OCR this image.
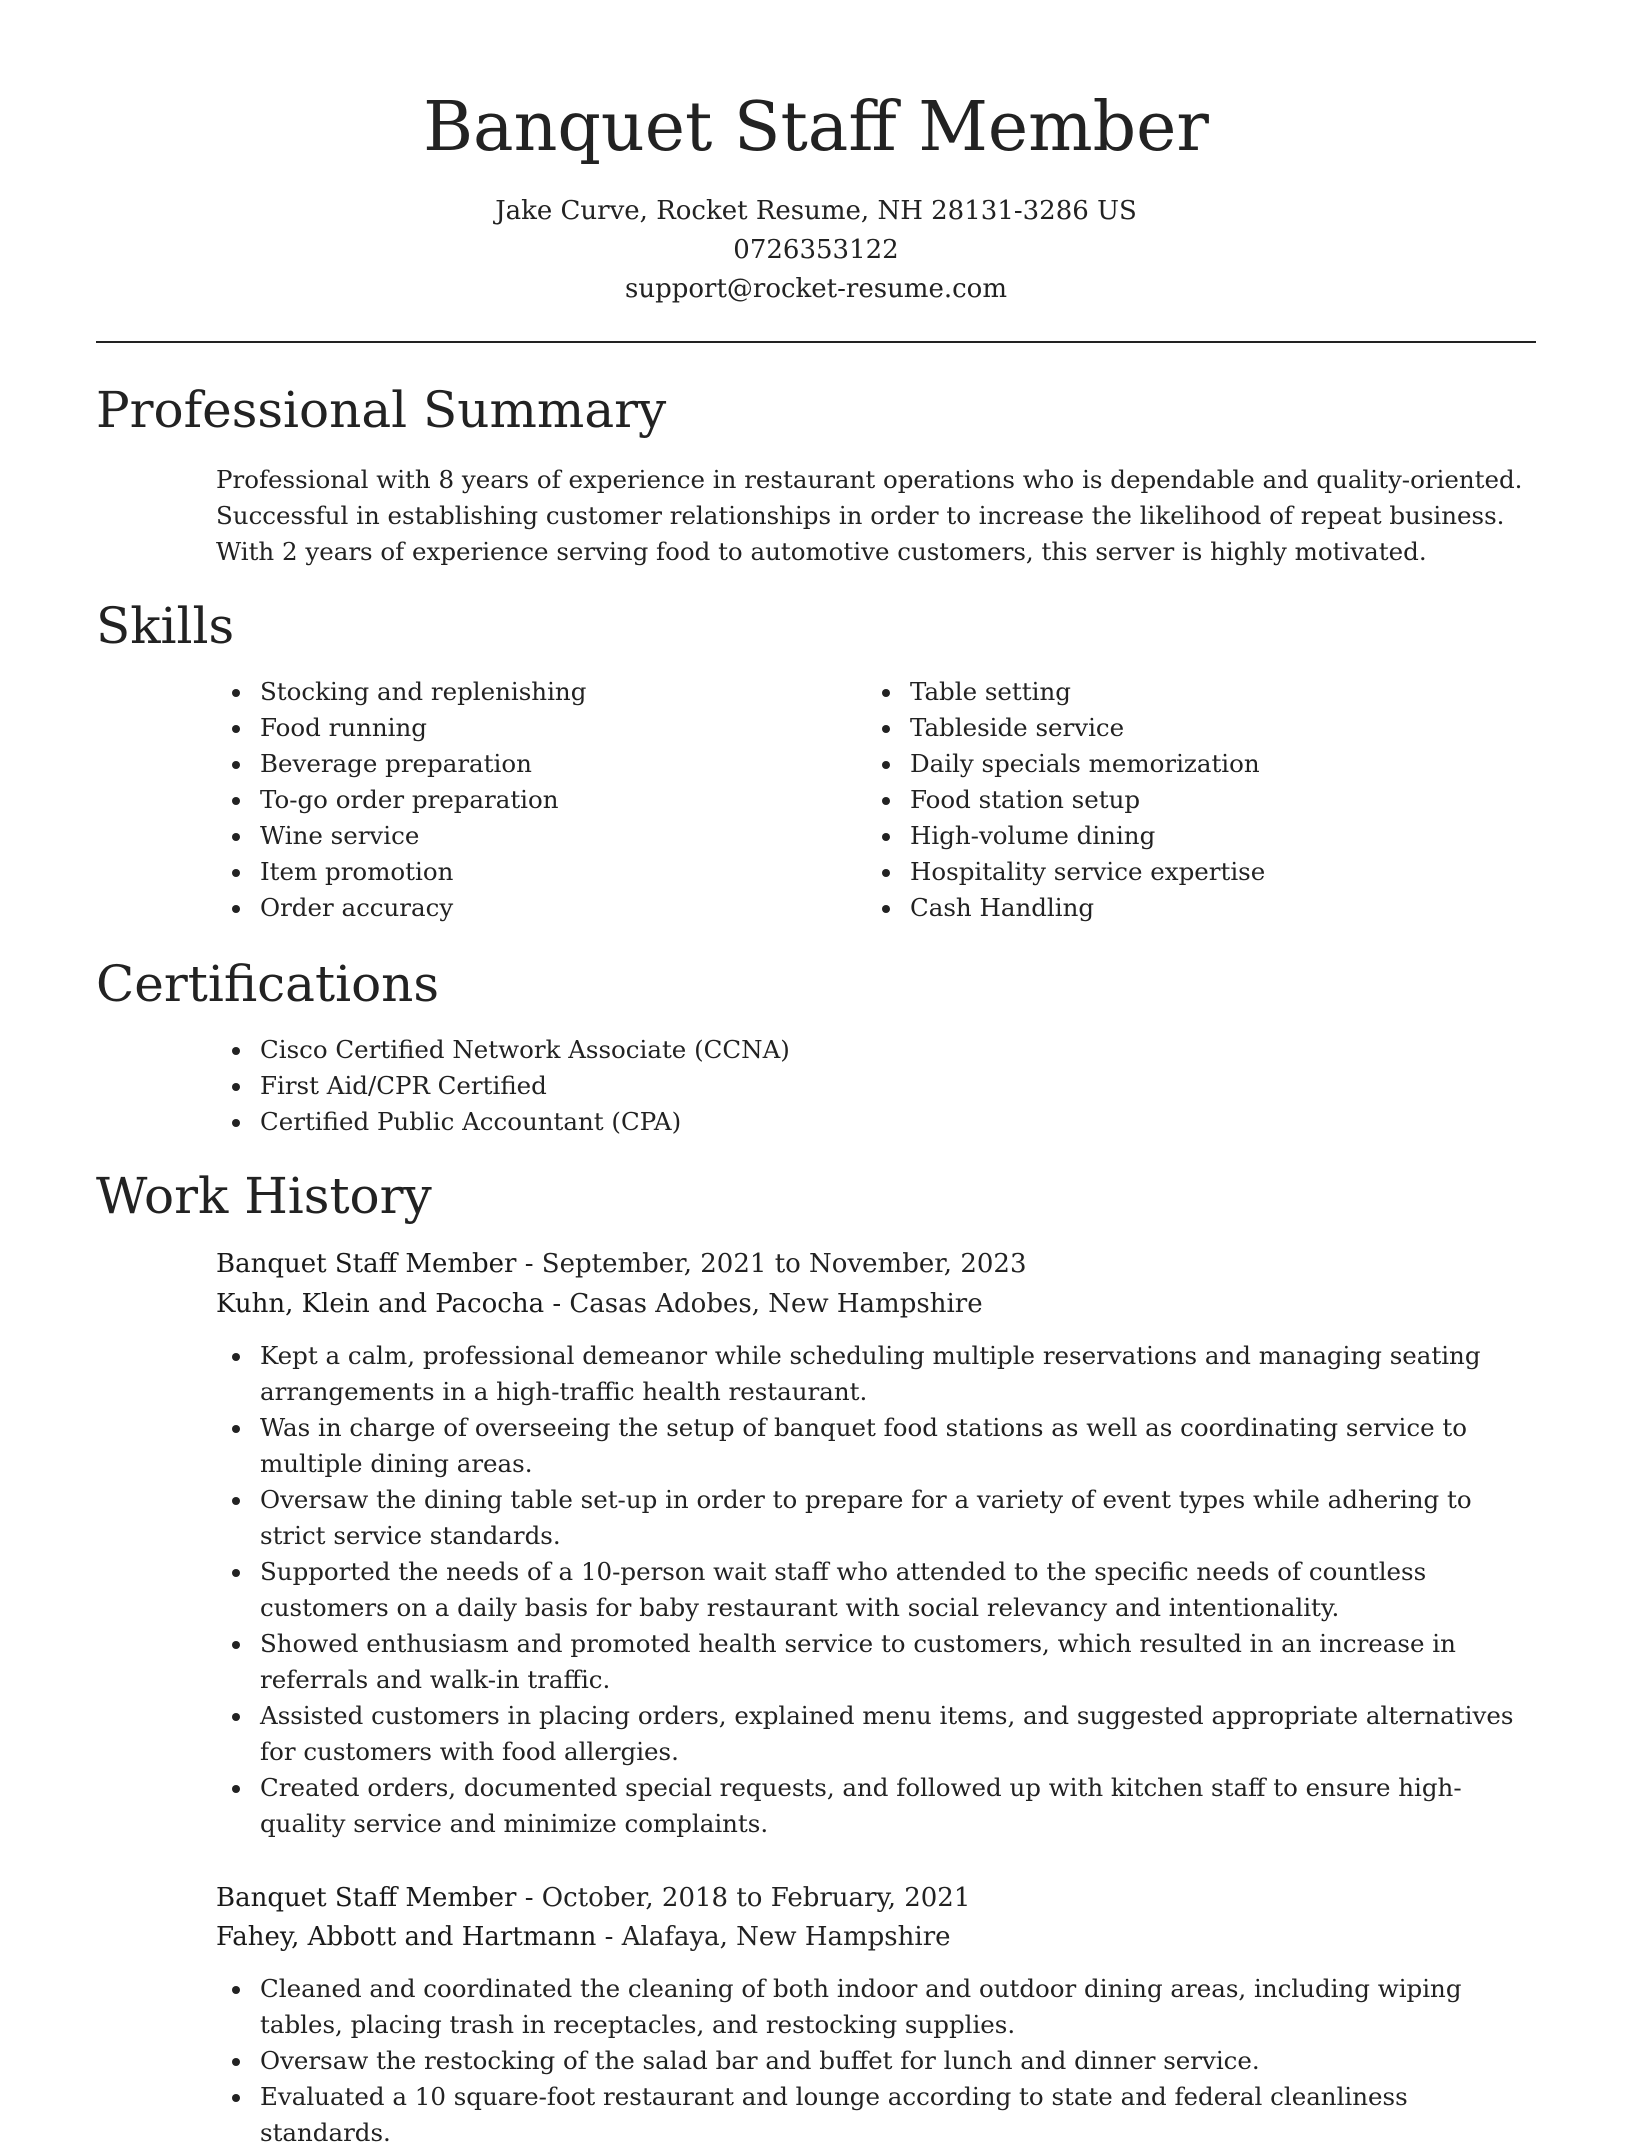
Banquet Staff Member
Jake Curve, Rocket Resume, NH 28131-3286 US
0726353122
support@rocket-resume.com
Professional Summary

Professional with 8 years of experience in restaurant operations who is dependable and quality-oriented. Successful in establishing customer relationships in order to increase the likelihood of repeat business. With 2 years of experience serving food to automotive customers, this server is highly motivated.

Skills
Stocking and replenishing
Food running
Beverage preparation
To-go order preparation
Wine service
Item promotion
Order accuracy
Table setting
Tableside service
Daily specials memorization
Food station setup
High-volume dining
Hospitality service expertise
Cash Handling
Certifications
Cisco Certified Network Associate (CCNA)
First Aid/CPR Certified
Certified Public Accountant (CPA)
Work History
Banquet Staff Member - September, 2021 to November, 2023
Kuhn, Klein and Pacocha - Casas Adobes, New Hampshire
Kept a calm, professional demeanor while scheduling multiple reservations and managing seating arrangements in a high-traffic health restaurant.
Was in charge of overseeing the setup of banquet food stations as well as coordinating service to multiple dining areas.
Oversaw the dining table set-up in order to prepare for a variety of event types while adhering to strict service standards.
Supported the needs of a 10-person wait staff who attended to the specific needs of countless customers on a daily basis for baby restaurant with social relevancy and intentionality.
Showed enthusiasm and promoted health service to customers, which resulted in an increase in referrals and walk-in traffic.
Assisted customers in placing orders, explained menu items, and suggested appropriate alternatives for customers with food allergies.
Created orders, documented special requests, and followed up with kitchen staff to ensure high-quality service and minimize complaints.
Banquet Staff Member - October, 2018 to February, 2021
Fahey, Abbott and Hartmann - Alafaya, New Hampshire
Cleaned and coordinated the cleaning of both indoor and outdoor dining areas, including wiping tables, placing trash in receptacles, and restocking supplies.
Oversaw the restocking of the salad bar and buffet for lunch and dinner service.
Evaluated a 10 square-foot restaurant and lounge according to state and federal cleanliness standards.
